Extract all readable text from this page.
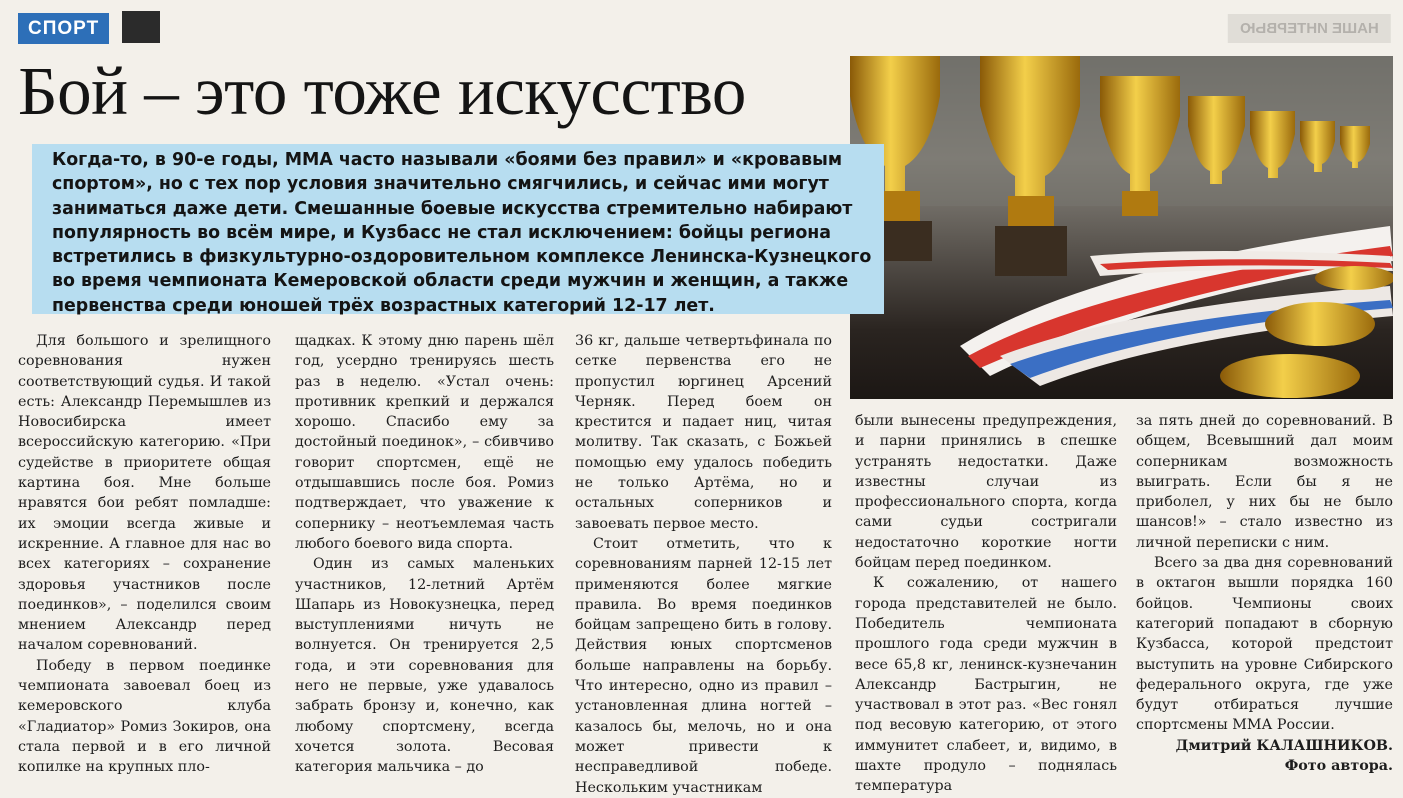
СПОРТ	НАШЕ ИНТЕРВЬЮ
Бой – это тоже искусство
Когда-то, в 90-е годы, ММА часто называли «боями без правил» и «кровавым спортом», но с тех пор условия значительно смягчились, и сейчас ими могут заниматься даже дети. Смешанные боевые искусства стремительно набирают популярность во всём мире, и Кузбасс не стал исключением: бойцы региона встретились в физкультурно-оздоровительном комплексе Ленинска-Кузнецкого во время чемпионата Кемеровской области среди мужчин и женщин, а также первенства среди юношей трёх возрастных категорий 12-17 лет.

Для большого и зрелищного соревнования нужен соответствующий судья. И такой есть: Александр Перемышлев из Новосибирска имеет всероссийскую категорию. «При судействе в приоритете общая картина боя. Мне больше нравятся бои ребят помладше: их эмоции всегда живые и искренние. А главное для нас во всех категориях – сохранение здоровья участников после поединков», – поделился своим мнением Александр перед началом соревнований.

Победу в первом поединке чемпионата завоевал боец из кемеровского клуба «Гладиатор» Ромиз Зокиров, она стала первой и в его личной копилке на крупных пло-

щадках. К этому дню парень шёл год, усердно тренируясь шесть раз в неделю. «Устал очень: противник крепкий и держался хорошо. Спасибо ему за достойный поединок», – сбивчиво говорит спортсмен, ещё не отдышавшись после боя. Ромиз подтверждает, что уважение к сопернику – неотъемлемая часть любого боевого вида спорта.

Один из самых маленьких участников, 12-летний Артём Шапарь из Новокузнецка, перед выступлениями ничуть не волнуется. Он тренируется 2,5 года, и эти соревнования для него не первые, уже удавалось забрать бронзу и, конечно, как любому спортсмену, всегда хочется золота. Весовая категория мальчика – до

36 кг, дальше четвертьфинала по сетке первенства его не пропустил юргинец Арсений Черняк. Перед боем он крестится и падает ниц, читая молитву. Так сказать, с Божьей помощью ему удалось победить не только Артёма, но и остальных соперников и завоевать первое место.

Стоит отметить, что к соревнованиям парней 12-15 лет применяются более мягкие правила. Во время поединков бойцам запрещено бить в голову. Действия юных спортсменов больше направлены на борьбу. Что интересно, одно из правил – установленная длина ногтей – казалось бы, мелочь, но и она может привести к несправедливой победе. Нескольким участникам

были вынесены предупреждения, и парни принялись в спешке устранять недостатки. Даже известны случаи из профессионального спорта, когда сами судьи состригали недостаточно короткие ногти бойцам перед поединком.

К сожалению, от нашего города представителей не было. Победитель чемпионата прошлого года среди мужчин в весе 65,8 кг, ленинск-кузнечанин Александр Бастрыгин, не участвовал в этот раз. «Вес гонял под весовую категорию, от этого иммунитет слабеет, и, видимо, в шахте продуло – поднялась температура

за пять дней до соревнований. В общем, Всевышний дал моим соперникам возможность выиграть. Если бы я не приболел, у них бы не было шансов!» – стало известно из личной переписки с ним.

Всего за два дня соревнований в октагон вышли порядка 160 бойцов. Чемпионы своих категорий попадают в сборную Кузбасса, которой предстоит выступить на уровне Сибирского федерального округа, где уже будут отбираться лучшие спортсмены ММА России.

Дмитрий КАЛАШНИКОВ.

Фото автора.
